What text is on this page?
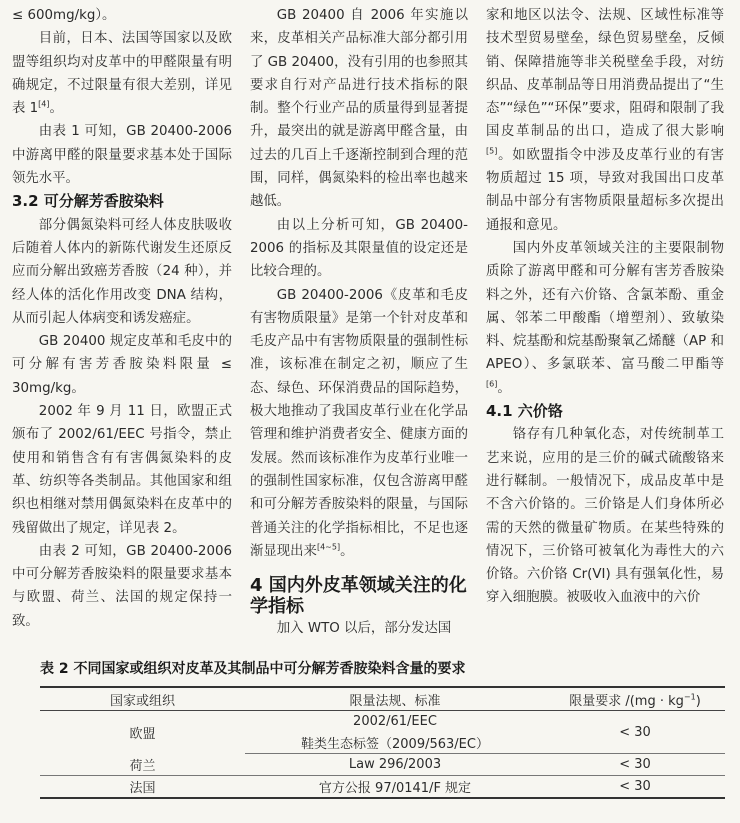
≤ 600mg/kg）。

目前，日本、法国等国家以及欧盟等组织均对皮革中的甲醛限量有明确规定，不过限量有很大差别，详见表 1[4]。

由表 1 可知，GB 20400-2006 中游离甲醛的限量要求基本处于国际领先水平。

3.2 可分解芳香胺染料

部分偶氮染料可经人体皮肤吸收后随着人体内的新陈代谢发生还原反应而分解出致癌芳香胺（24 种），并经人体的活化作用改变 DNA 结构，从而引起人体病变和诱发癌症。

GB 20400 规定皮革和毛皮中的可分解有害芳香胺染料限量 ≤ 30mg/kg。

2002 年 9 月 11 日，欧盟正式颁布了 2002/61/EEC 号指令，禁止使用和销售含有有害偶氮染料的皮革、纺织等各类制品。其他国家和组织也相继对禁用偶氮染料在皮革中的残留做出了规定，详见表 2。

由表 2 可知，GB 20400-2006 中可分解芳香胺染料的限量要求基本与欧盟、荷兰、法国的规定保持一致。

GB 20400 自 2006 年实施以来，皮革相关产品标准大部分都引用了 GB 20400，没有引用的也参照其要求自行对产品进行技术指标的限制。整个行业产品的质量得到显著提升，最突出的就是游离甲醛含量，由过去的几百上千逐渐控制到合理的范围，同样，偶氮染料的检出率也越来越低。

由以上分析可知，GB 20400-2006 的指标及其限量值的设定还是比较合理的。

GB 20400-2006《皮革和毛皮 有害物质限量》是第一个针对皮革和毛皮产品中有害物质限量的强制性标准，该标准在制定之初，顺应了生态、绿色、环保消费品的国际趋势，极大地推动了我国皮革行业在化学品管理和维护消费者安全、健康方面的发展。然而该标准作为皮革行业唯一的强制性国家标准，仅包含游离甲醛和可分解芳香胺染料的限量，与国际普通关注的化学指标相比，不足也逐渐显现出来[4~5]。

4 国内外皮革领域关注的化学指标

加入 WTO 以后，部分发达国

家和地区以法令、法规、区域性标准等技术型贸易壁垒，绿色贸易壁垒，反倾销、保障措施等非关税壁垒手段，对纺织品、皮革制品等日用消费品提出了“生态”“绿色”“环保”要求，阻碍和限制了我国皮革制品的出口，造成了很大影响[5]。如欧盟指令中涉及皮革行业的有害物质超过 15 项，导致对我国出口皮革制品中部分有害物质限量超标多次提出通报和意见。

国内外皮革领域关注的主要限制物质除了游离甲醛和可分解有害芳香胺染料之外，还有六价铬、含氯苯酚、重金属、邻苯二甲酸酯（增塑剂）、致敏染料、烷基酚和烷基酚聚氧乙烯醚（AP 和 APEO）、多氯联苯、富马酸二甲酯等[6]。

4.1 六价铬

铬存有几种氧化态，对传统制革工艺来说，应用的是三价的碱式硫酸铬来进行鞣制。一般情况下，成品皮革中是不含六价铬的。三价铬是人们身体所必需的天然的微量矿物质。在某些特殊的情况下，三价铬可被氧化为毒性大的六价铬。六价铬 Cr(VI) 具有强氧化性，易穿入细胞膜。被吸收入血液中的六价

表 2 不同国家或组织对皮革及其制品中可分解芳香胺染料含量的要求

国家或组织	限量法规、标准	限量要求 $/(mg \cdot kg^{-1})$
欧盟	2002/61/EEC	< 30
	鞋类生态标签（2009/563/EC）	
荷兰	Law 296/2003	< 30
法国	官方公报 97/0141/F 规定	< 30
